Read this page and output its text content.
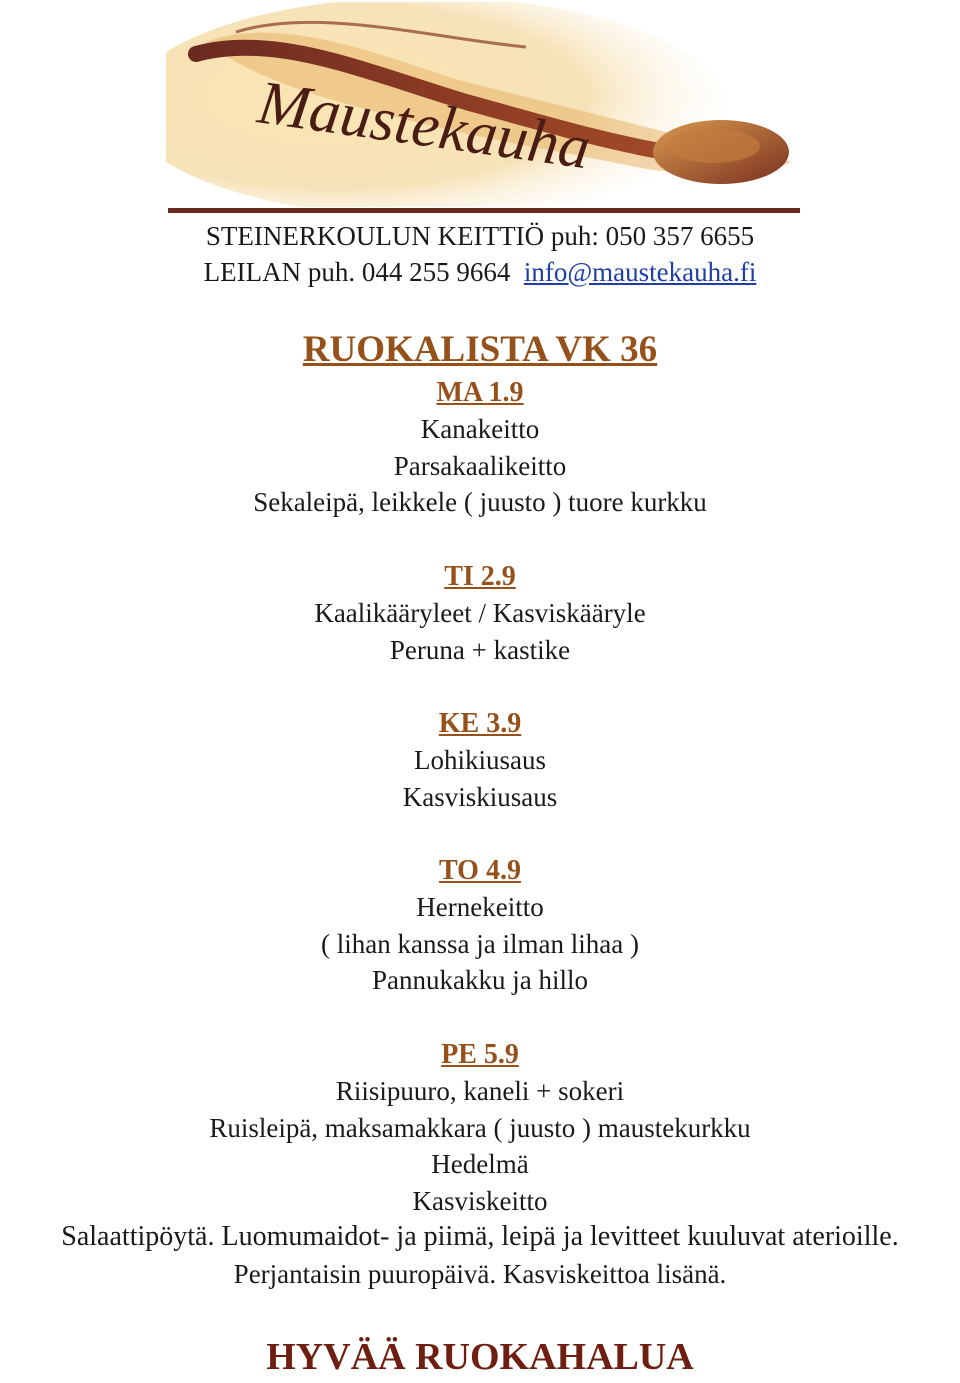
Maustekauha
STEINERKOULUN KEITTIÖ puh: 050 357 6655
LEILAN puh. 044 255 9664 info@maustekauha.fi
RUOKALISTA VK 36
MA 1.9
Kanakeitto
Parsakaalikeitto
Sekaleipä, leikkele ( juusto ) tuore kurkku
TI 2.9
Kaalikääryleet / Kasviskääryle
Peruna + kastike
KE 3.9
Lohikiusaus
Kasviskiusaus
TO 4.9
Hernekeitto
( lihan kanssa ja ilman lihaa )
Pannukakku ja hillo
PE 5.9
Riisipuuro, kaneli + sokeri
Ruisleipä, maksamakkara ( juusto ) maustekurkku
Hedelmä
Kasviskeitto
Salaattipöytä. Luomumaidot- ja piimä, leipä ja levitteet kuuluvat aterioille.
Perjantaisin puuropäivä. Kasviskeittoa lisänä.
HYVÄÄ RUOKAHALUA
